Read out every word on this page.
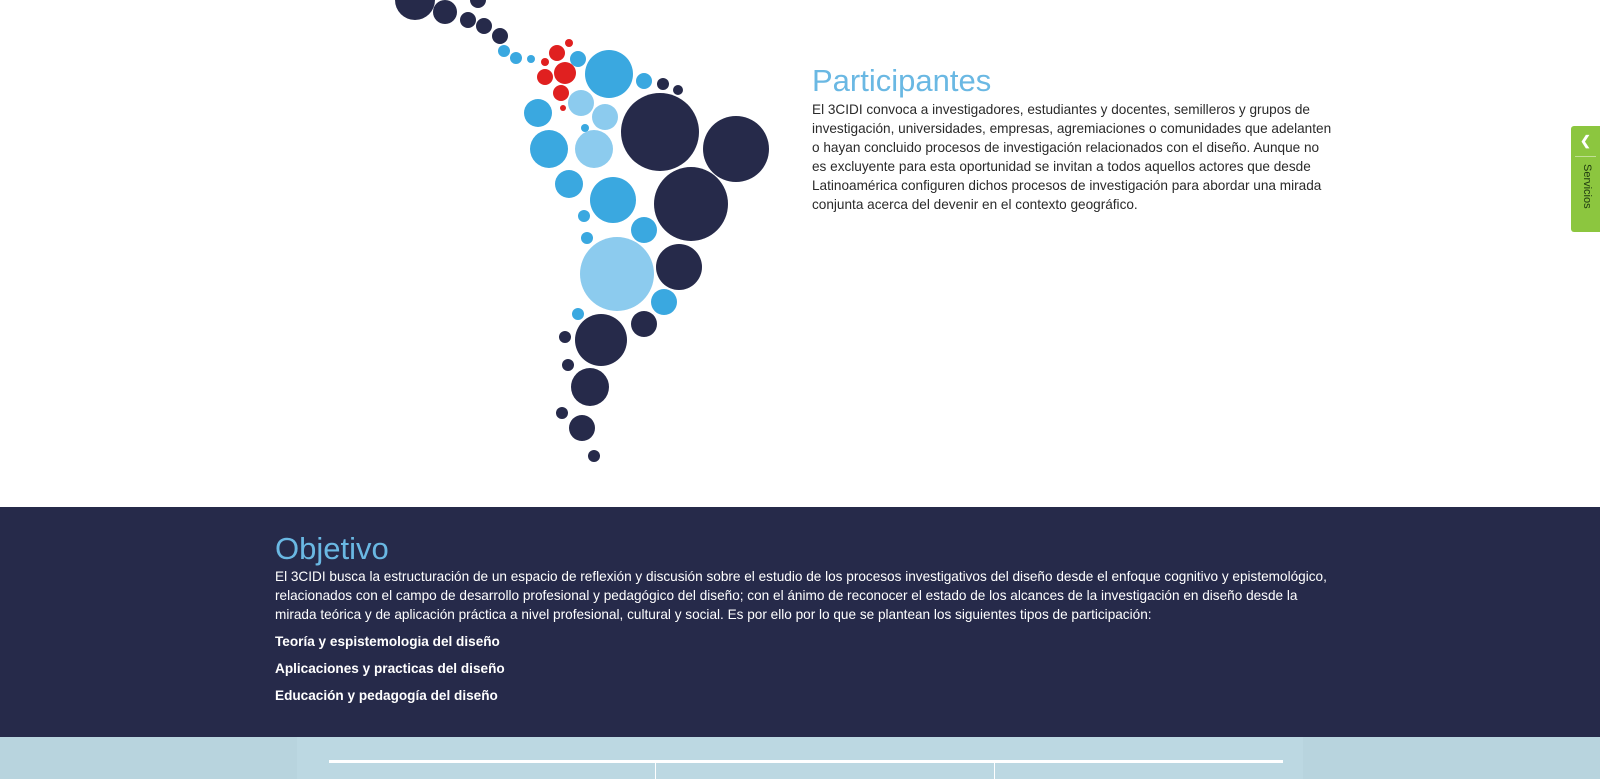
Participantes

El 3CIDI convoca a investigadores, estudiantes y docentes, semilleros y grupos de investigación, universidades, empresas, agremiaciones o comunidades que adelanten o hayan concluido procesos de investigación relacionados con el diseño. Aunque no es excluyente para esta oportunidad se invitan a todos aquellos actores que desde Latinoamérica configuren dichos procesos de investigación para abordar una mirada conjunta acerca del devenir en el contexto geográfico.

❮
Servicios
Objetivo

El 3CIDI busca la estructuración de un espacio de reflexión y discusión sobre el estudio de los procesos investigativos del diseño desde el enfoque cognitivo y epistemológico, relacionados con el campo de desarrollo profesional y pedagógico del diseño; con el ánimo de reconocer el estado de los alcances de la investigación en diseño desde la mirada teórica y de aplicación práctica a nivel profesional, cultural y social. Es por ello por lo que se plantean los siguientes tipos de participación:

Teoría y espistemologia del diseño
Aplicaciones y practicas del diseño
Educación y pedagogía del diseño
